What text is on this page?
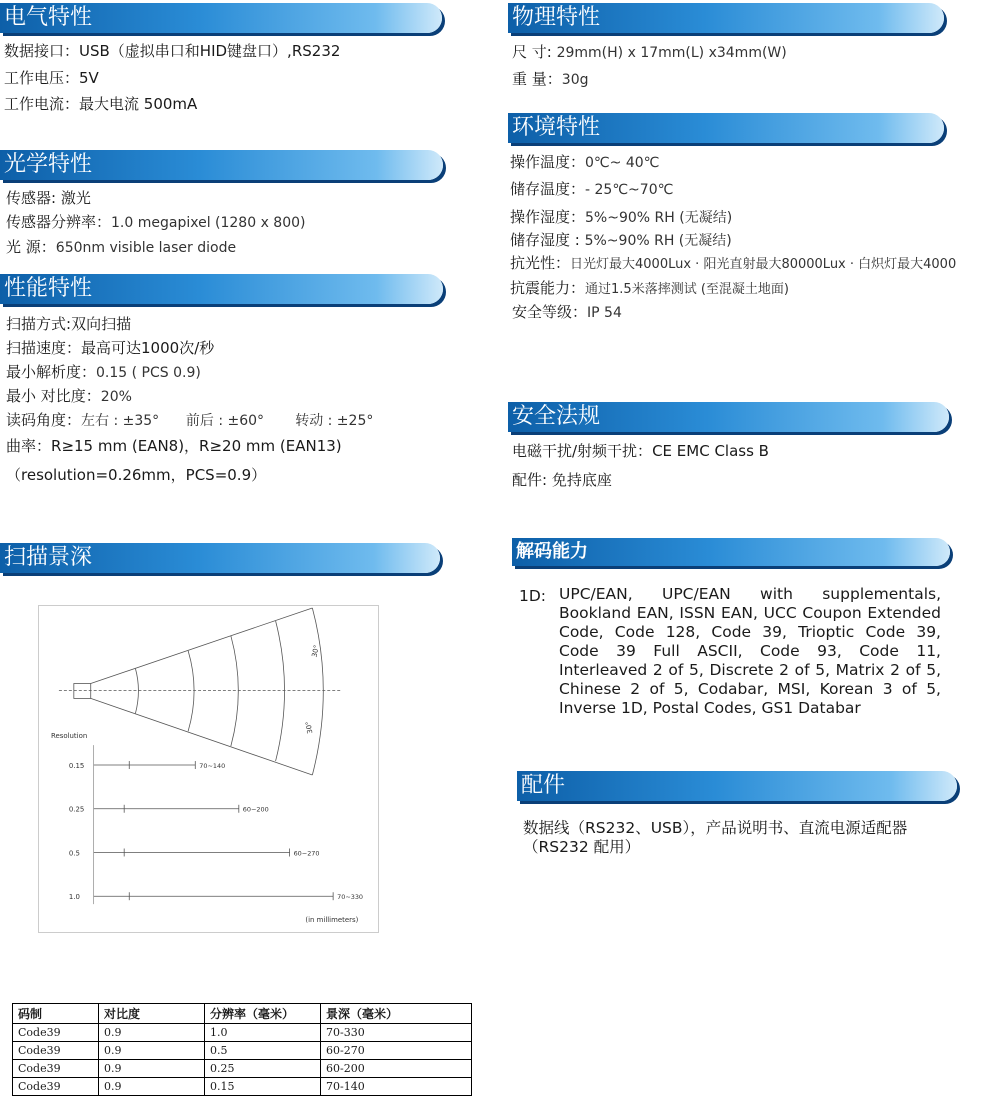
电气特性
光学特性
性能特性
扫描景深
物理特性
环境特性
安全法规
解码能力
配件
数据接口：USB（虚拟串口和HID键盘口）,RS232
工作电压：5V
工作电流：最大电流 500mA
传感器: 激光
传感器分辨率：1.0 megapixel (1280 x 800)
光 源：650nm visible laser diode
扫描方式:双向扫描
扫描速度：最高可达1000次/秒
最小解析度：0.15 ( PCS 0.9)
最小 对比度：20%
读码角度：左右 : ±35°      前后 : ±60°       转动 : ±25°
曲率：R≥15 mm (EAN8)，R≥20 mm (EAN13)
（resolution=0.26mm，PCS=0.9）
尺 寸: 29mm(H) x 17mm(L) x34mm(W)
重 量：30g
操作温度：0℃~ 40℃
储存温度：- 25℃~70℃
操作湿度：5%~90% RH (无凝结)
储存湿度 : 5%~90% RH (无凝结)
抗光性：日光灯最大4000Lux · 阳光直射最大80000Lux · 白炽灯最大4000
抗震能力：通过1.5米落摔测试 (至混凝土地面)
安全等级：IP 54
电磁干扰/射频干扰：CE EMC Class B
配件: 免持底座
1D: UPC/EAN, UPC/EAN with supplementals, Bookland EAN, ISSN EAN, UCC Coupon Extended Code, Code 128, Code 39, Trioptic Code 39, Code 39 Full ASCII, Code 93, Code 11, Interleaved 2 of 5, Discrete 2 of 5, Matrix 2 of 5, Chinese 2 of 5, Codabar, MSI, Korean 3 of 5, Inverse 1D, Postal Codes, GS1 Databar
数据线（RS232、USB），产品说明书、直流电源适配器（RS232 配用）
30°
30°
Resolution
0.15	70~140
0.25	60~200
0.5	60~270
1.0	70~330
(in millimeters)
码制	对比度	分辨率（毫米）	景深（毫米）
Code39	0.9	1.0	70-330
Code39	0.9	0.5	60-270
Code39	0.9	0.25	60-200
Code39	0.9	0.15	70-140
